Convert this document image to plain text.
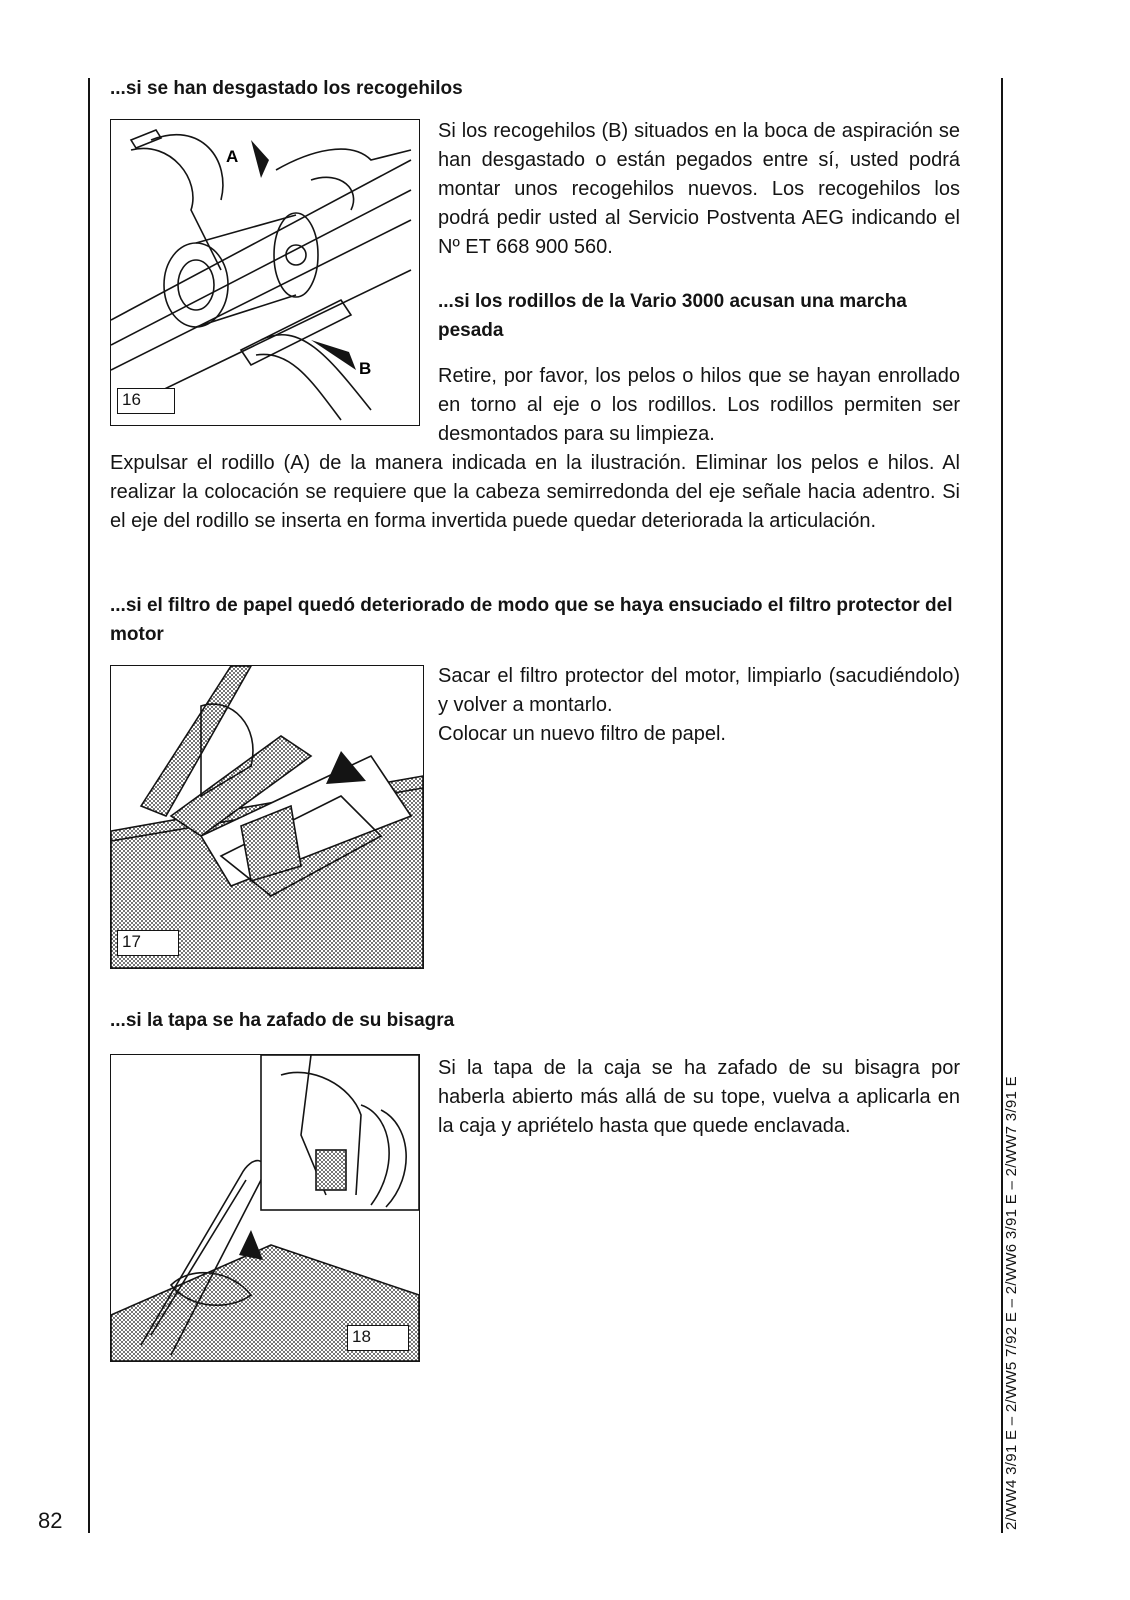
82	2/WW4 3/91 E – 2/WW5 7/92 E – 2/WW6 3/91 E – 2/WW7 3/91 E

...si se han desgastado los recogehilos

A
B
16

Si los recogehilos (B) situados en la boca de aspiración se han desgastado o están pegados entre sí, usted podrá montar unos recogehilos nuevos. Los recogehilos los podrá pedir usted al Servicio Postventa AEG indicando el Nº ET 668 900 560.

...si los rodillos de la Vario 3000 acusan una marcha pesada

Retire, por favor, los pelos o hilos que se hayan enrollado en torno al eje o los rodillos. Los rodillos permiten ser desmontados para su limpieza.

Expulsar el rodillo (A) de la manera indicada en la ilustración. Eliminar los pelos e hilos. Al realizar la colocación se requiere que la cabeza semirredonda del eje señale hacia adentro. Si el eje del rodillo se inserta en forma invertida puede quedar deteriorada la articulación.

...si el filtro de papel quedó deteriorado de modo que se haya ensuciado el filtro protector del motor

17

Sacar el filtro protector del motor, limpiarlo (sacudiéndolo) y volver a montarlo.

Colocar un nuevo filtro de papel.

...si la tapa se ha zafado de su bisagra

18

Si la tapa de la caja se ha zafado de su bisagra por haberla abierto más allá de su tope, vuelva a aplicarla en la caja y apriételo hasta que quede enclavada.
